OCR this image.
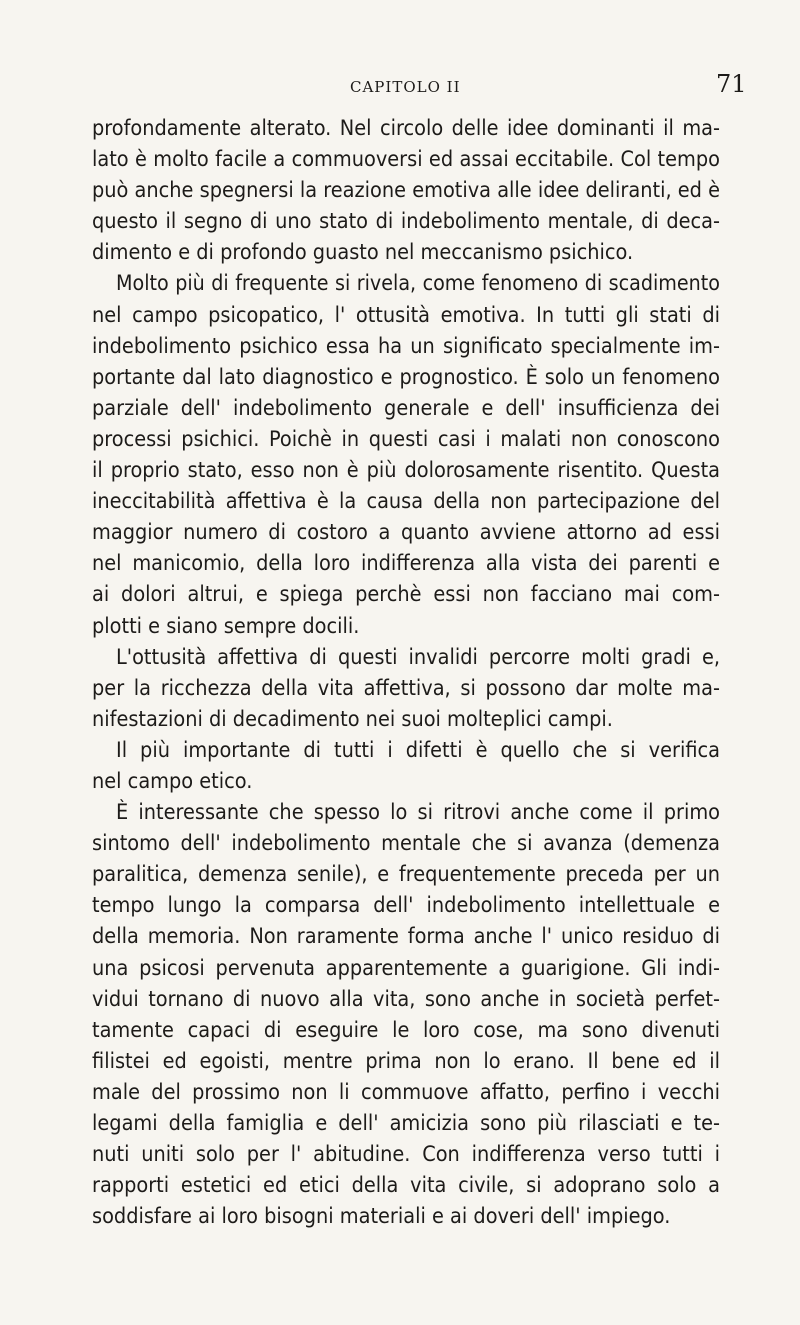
CAPITOLO II	71
profondamente alterato. Nel circolo delle idee dominanti il ma-
lato è molto facile a commuoversi ed assai eccitabile. Col tempo
può anche spegnersi la reazione emotiva alle idee deliranti, ed è
questo il segno di uno stato di indebolimento mentale, di deca-
dimento e di profondo guasto nel meccanismo psichico.
Molto più di frequente si rivela, come fenomeno di scadimento
nel campo psicopatico, l' ottusità emotiva. In tutti gli stati di
indebolimento psichico essa ha un significato specialmente im-
portante dal lato diagnostico e prognostico. È solo un fenomeno
parziale dell' indebolimento generale e dell' insufficienza dei
processi psichici. Poichè in questi casi i malati non conoscono
il proprio stato, esso non è più dolorosamente risentito. Questa
ineccitabilità affettiva è la causa della non partecipazione del
maggior numero di costoro a quanto avviene attorno ad essi
nel manicomio, della loro indifferenza alla vista dei parenti e
ai dolori altrui, e spiega perchè essi non facciano mai com-
plotti e siano sempre docili.
L'ottusità affettiva di questi invalidi percorre molti gradi e,
per la ricchezza della vita affettiva, si possono dar molte ma-
nifestazioni di decadimento nei suoi molteplici campi.
Il più importante di tutti i difetti è quello che si verifica
nel campo etico.
È interessante che spesso lo si ritrovi anche come il primo
sintomo dell' indebolimento mentale che si avanza (demenza
paralitica, demenza senile), e frequentemente preceda per un
tempo lungo la comparsa dell' indebolimento intellettuale e
della memoria. Non raramente forma anche l' unico residuo di
una psicosi pervenuta apparentemente a guarigione. Gli indi-
vidui tornano di nuovo alla vita, sono anche in società perfet-
tamente capaci di eseguire le loro cose, ma sono divenuti
filistei ed egoisti, mentre prima non lo erano. Il bene ed il
male del prossimo non li commuove affatto, perfino i vecchi
legami della famiglia e dell' amicizia sono più rilasciati e te-
nuti uniti solo per l' abitudine. Con indifferenza verso tutti i
rapporti estetici ed etici della vita civile, si adoprano solo a
soddisfare ai loro bisogni materiali e ai doveri dell' impiego.
